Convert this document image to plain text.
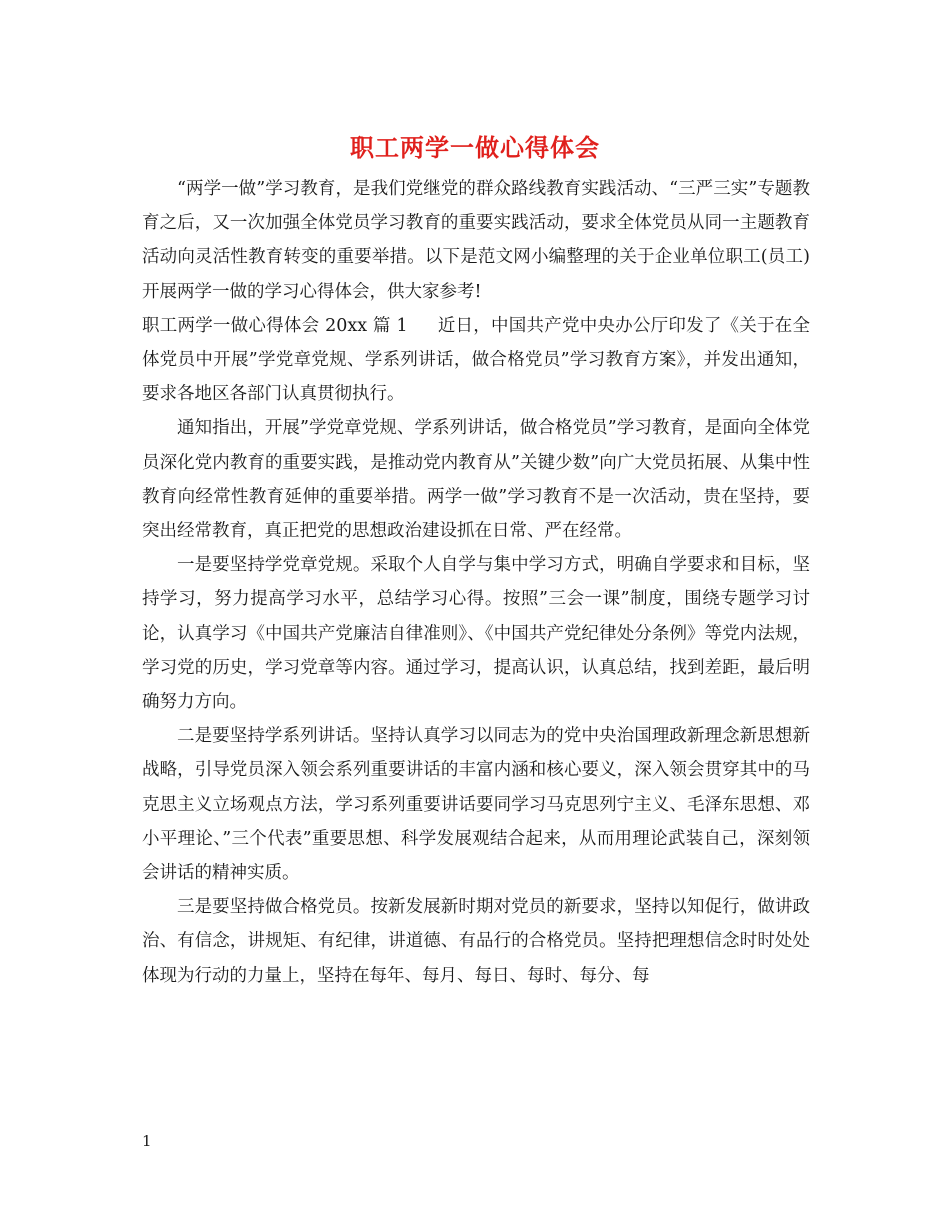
职工两学一做心得体会

“两学一做”学习教育，是我们党继党的群众路线教育实践活动、“三严三实”专题教育之后，又一次加强全体党员学习教育的重要实践活动，要求全体党员从同一主题教育活动向灵活性教育转变的重要举措。以下是范文网小编整理的关于企业单位职工(员工)开展两学一做的学习心得体会，供大家参考!

职工两学一做心得体会 20xx 篇 1 近日，中国共产党中央办公厅印发了《关于在全体党员中开展”学党章党规、学系列讲话，做合格党员”学习教育方案》，并发出通知，要求各地区各部门认真贯彻执行。

通知指出，开展”学党章党规、学系列讲话，做合格党员”学习教育，是面向全体党员深化党内教育的重要实践，是推动党内教育从”关键少数”向广大党员拓展、从集中性教育向经常性教育延伸的重要举措。两学一做”学习教育不是一次活动，贵在坚持，要突出经常教育，真正把党的思想政治建设抓在日常、严在经常。

一是要坚持学党章党规。采取个人自学与集中学习方式，明确自学要求和目标，坚持学习，努力提高学习水平，总结学习心得。按照”三会一课”制度，围绕专题学习讨论，认真学习《中国共产党廉洁自律准则》、《中国共产党纪律处分条例》等党内法规，学习党的历史，学习党章等内容。通过学习，提高认识，认真总结，找到差距，最后明确努力方向。

二是要坚持学系列讲话。坚持认真学习以同志为的党中央治国理政新理念新思想新战略，引导党员深入领会系列重要讲话的丰富内涵和核心要义，深入领会贯穿其中的马克思主义立场观点方法，学习系列重要讲话要同学习马克思列宁主义、毛泽东思想、邓小平理论、”三个代表”重要思想、科学发展观结合起来，从而用理论武装自己，深刻领会讲话的精神实质。

三是要坚持做合格党员。按新发展新时期对党员的新要求，坚持以知促行，做讲政治、有信念，讲规矩、有纪律，讲道德、有品行的合格党员。坚持把理想信念时时处处体现为行动的力量上，坚持在每年、每月、每日、每时、每分、每

1
